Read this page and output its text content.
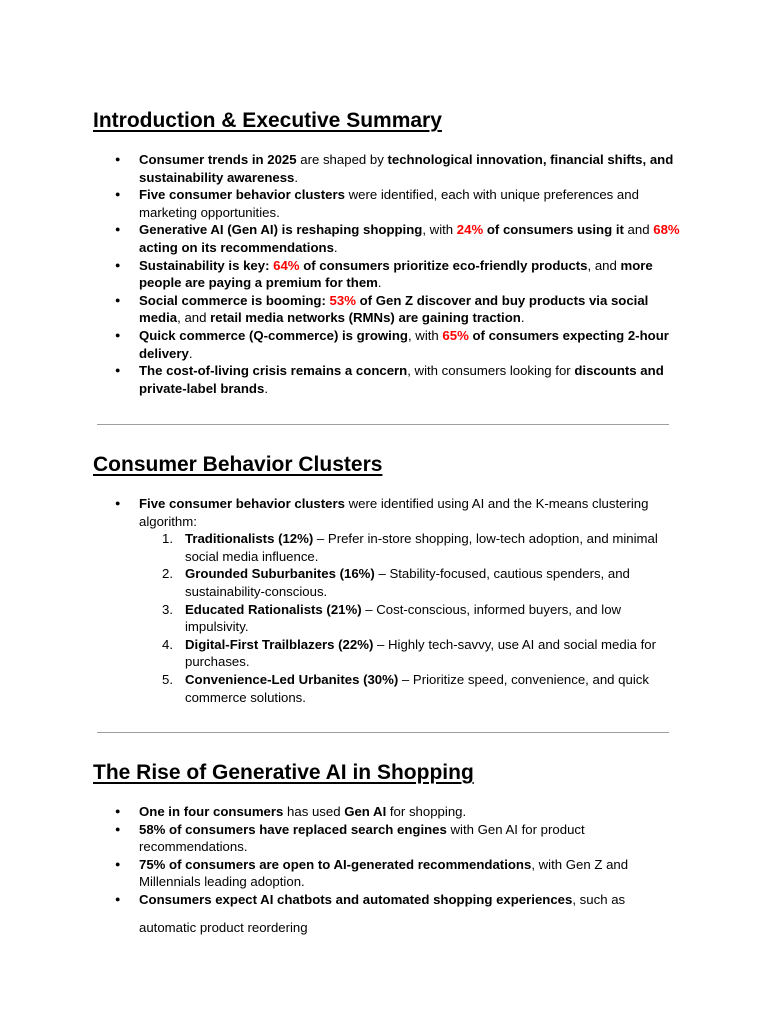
Introduction & Executive Summary
● Consumer trends in 2025 are shaped by technological innovation, financial shifts, and sustainability awareness.
● Five consumer behavior clusters were identified, each with unique preferences and marketing opportunities.
● Generative AI (Gen AI) is reshaping shopping, with 24% of consumers using it and 68% acting on its recommendations.
● Sustainability is key: 64% of consumers prioritize eco-friendly products, and more people are paying a premium for them.
● Social commerce is booming: 53% of Gen Z discover and buy products via social media, and retail media networks (RMNs) are gaining traction.
● Quick commerce (Q-commerce) is growing, with 65% of consumers expecting 2-hour delivery.
● The cost-of-living crisis remains a concern, with consumers looking for discounts and private-label brands.
Consumer Behavior Clusters
● Five consumer behavior clusters were identified using AI and the K-means clustering algorithm:
1. Traditionalists (12%) – Prefer in-store shopping, low-tech adoption, and minimal social media influence.
2. Grounded Suburbanites (16%) – Stability-focused, cautious spenders, and sustainability-conscious.
3. Educated Rationalists (21%) – Cost-conscious, informed buyers, and low impulsivity.
4. Digital-First Trailblazers (22%) – Highly tech-savvy, use AI and social media for purchases.
5. Convenience-Led Urbanites (30%) – Prioritize speed, convenience, and quick commerce solutions.
The Rise of Generative AI in Shopping
● One in four consumers has used Gen AI for shopping.
● 58% of consumers have replaced search engines with Gen AI for product recommendations.
● 75% of consumers are open to AI-generated recommendations, with Gen Z and Millennials leading adoption.
● Consumers expect AI chatbots and automated shopping experiences, such as
automatic product reordering
